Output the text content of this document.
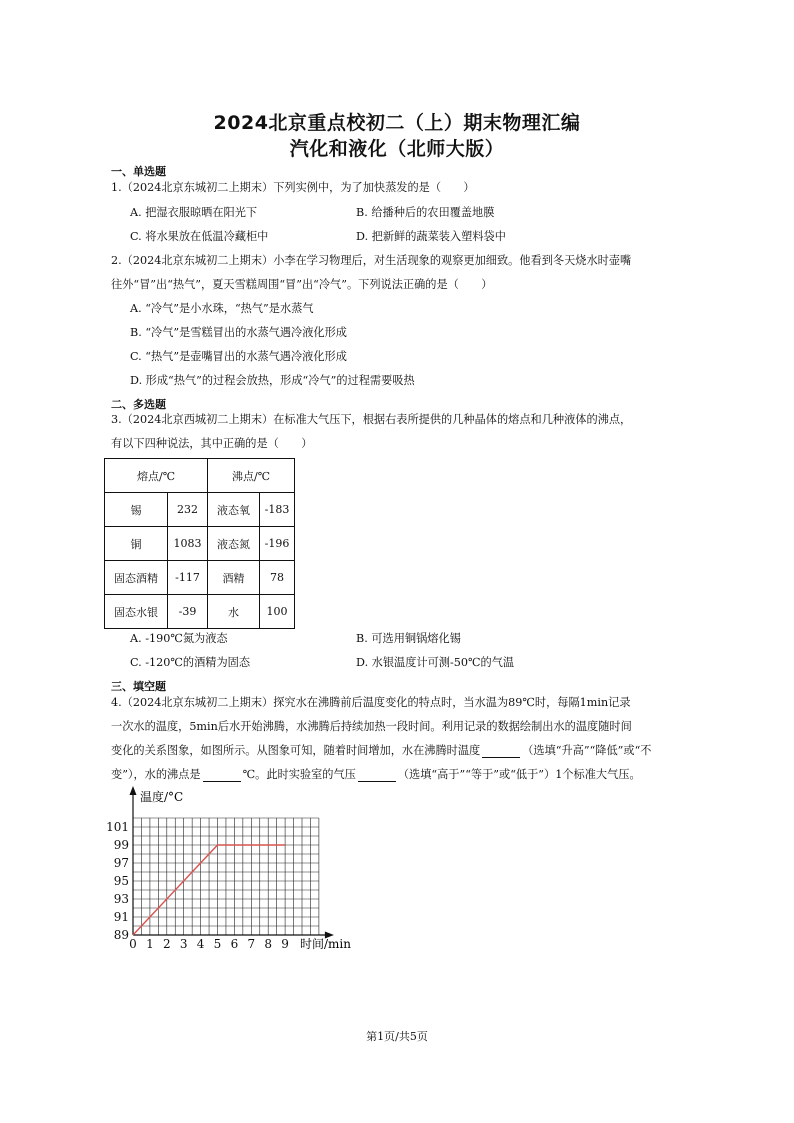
2024北京重点校初二（上）期末物理汇编
汽化和液化（北师大版）
一、单选题
1.（2024北京东城初二上期末）下列实例中，为了加快蒸发的是（　　）
A. 把湿衣服晾晒在阳光下	B. 给播种后的农田覆盖地膜
C. 将水果放在低温冷藏柜中	D. 把新鲜的蔬菜装入塑料袋中
2.（2024北京东城初二上期末）小李在学习物理后，对生活现象的观察更加细致。他看到冬天烧水时壶嘴
往外“冒”出“热气”，夏天雪糕周围“冒”出“冷气”。下列说法正确的是（　　）
A. “冷气”是小水珠，“热气”是水蒸气
B. “冷气”是雪糕冒出的水蒸气遇冷液化形成
C. “热气”是壶嘴冒出的水蒸气遇冷液化形成
D. 形成“热气”的过程会放热，形成“冷气”的过程需要吸热
二、多选题
3.（2024北京西城初二上期末）在标准大气压下，根据右表所提供的几种晶体的熔点和几种液体的沸点，
有以下四种说法，其中正确的是（　　）
熔点/℃		沸点/℃	
锡	232	液态氧	-183
铜	1083	液态氮	-196
固态酒精	-117	酒精	78
固态水银	-39	水	100
A. -190℃氮为液态	B. 可选用铜锅熔化锡
C. -120℃的酒精为固态	D. 水银温度计可测-50℃的气温
三、填空题
4.（2024北京东城初二上期末）探究水在沸腾前后温度变化的特点时，当水温为89℃时，每隔1min记录
一次水的温度，5min后水开始沸腾，水沸腾后持续加热一段时间。利用记录的数据绘制出水的温度随时间
变化的关系图象，如图所示。从图象可知，随着时间增加，水在沸腾时温度	（选填“升高”“降低”或“不
变”），水的沸点是	℃。此时实验室的气压	（选填“高于”“等于”或“低于”）1个标准大气压。
0 1 2 3 4 5 6 7 8 9
89
91
93
95
97
99
101
温度/°C
时间/min
第1页/共5页
